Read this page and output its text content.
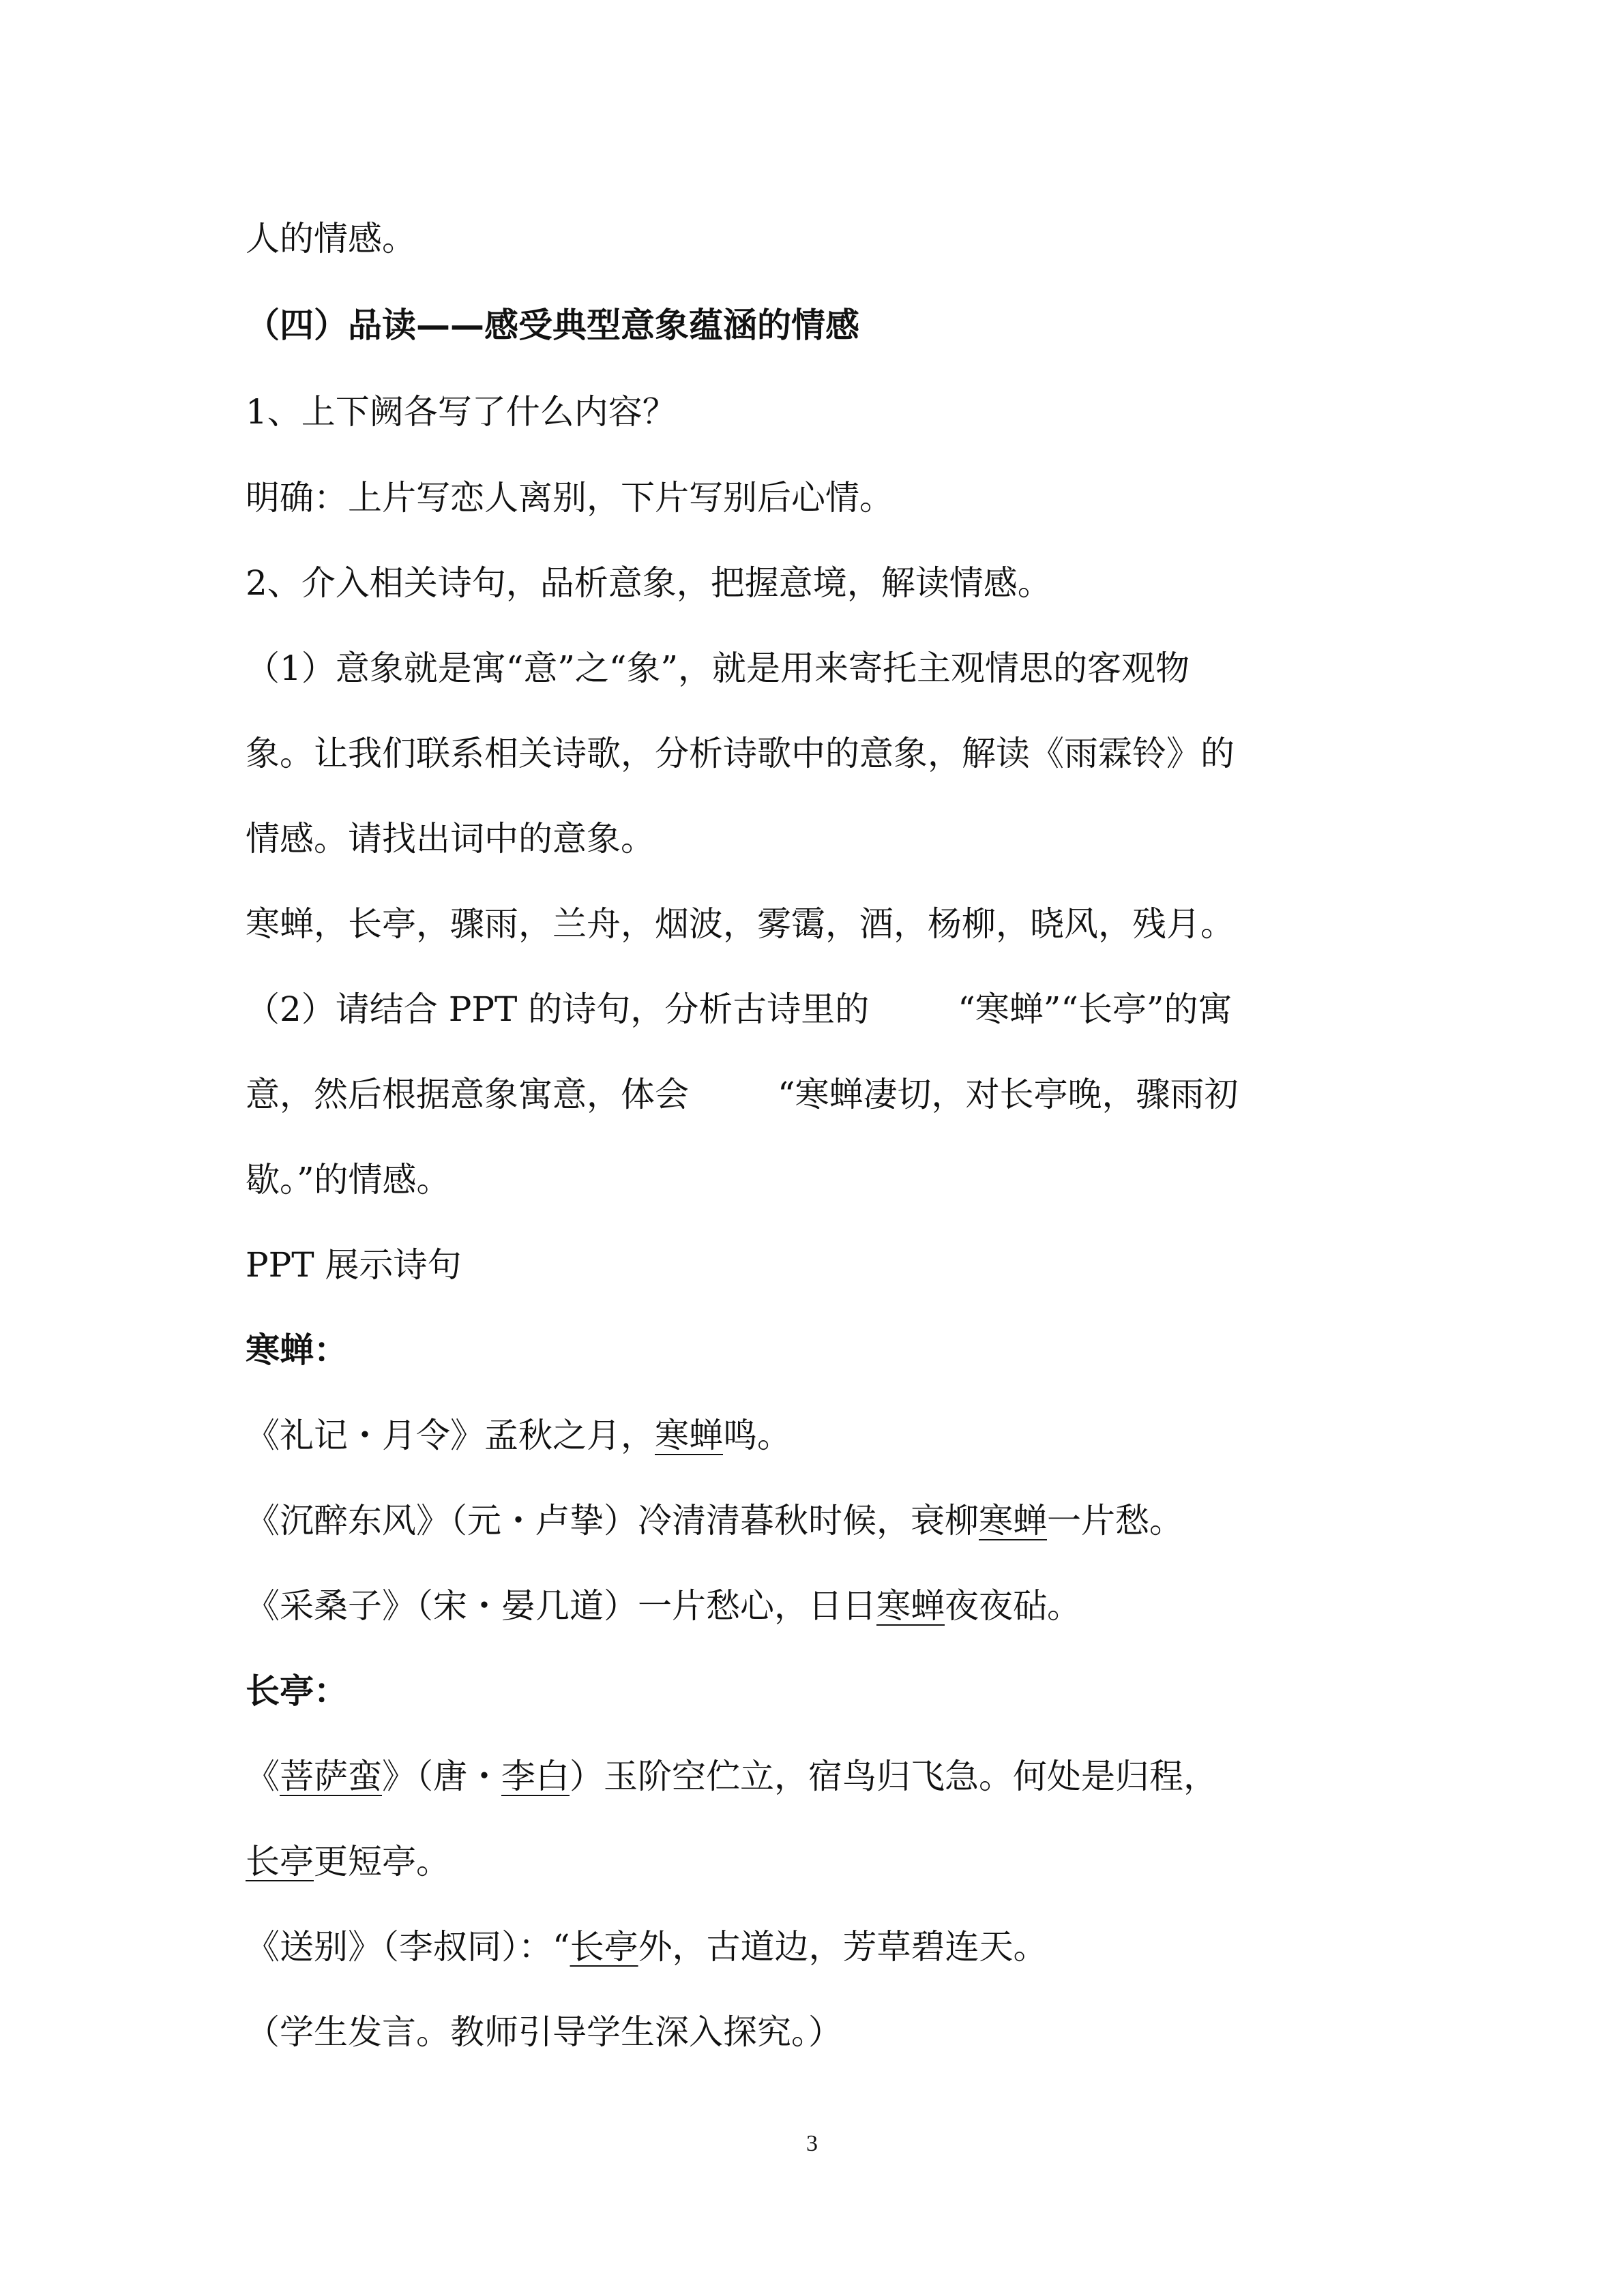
人的情感。
（四）品读——感受典型意象蕴涵的情感
1、上下阙各写了什么内容？
明确：上片写恋人离别，下片写别后心情。
2、介入相关诗句，品析意象，把握意境，解读情感。
（1）意象就是寓“意”之“象”，就是用来寄托主观情思的客观物
象。让我们联系相关诗歌，分析诗歌中的意象，解读《雨霖铃》的
情感。请找出词中的意象。
寒蝉，长亭，骤雨，兰舟，烟波，雾霭，酒，杨柳，晓风，残月。
（2）请结合 PPT 的诗句，分析古诗里的	“寒蝉”“长亭”的寓
意，然后根据意象寓意，体会	“寒蝉凄切，对长亭晚，骤雨初
歇。”的情感。
PPT 展示诗句
寒蝉：
《礼记・月令》孟秋之月，寒蝉鸣。
《沉醉东风》（元・卢挚）冷清清暮秋时候，衰柳寒蝉一片愁。
《采桑子》（宋・晏几道）一片愁心，日日寒蝉夜夜砧。
长亭：
《菩萨蛮》（唐・李白）玉阶空伫立，宿鸟归飞急。何处是归程，
长亭更短亭。
《送别》（李叔同）：“长亭外，古道边，芳草碧连天。
（学生发言。教师引导学生深入探究。）
3
